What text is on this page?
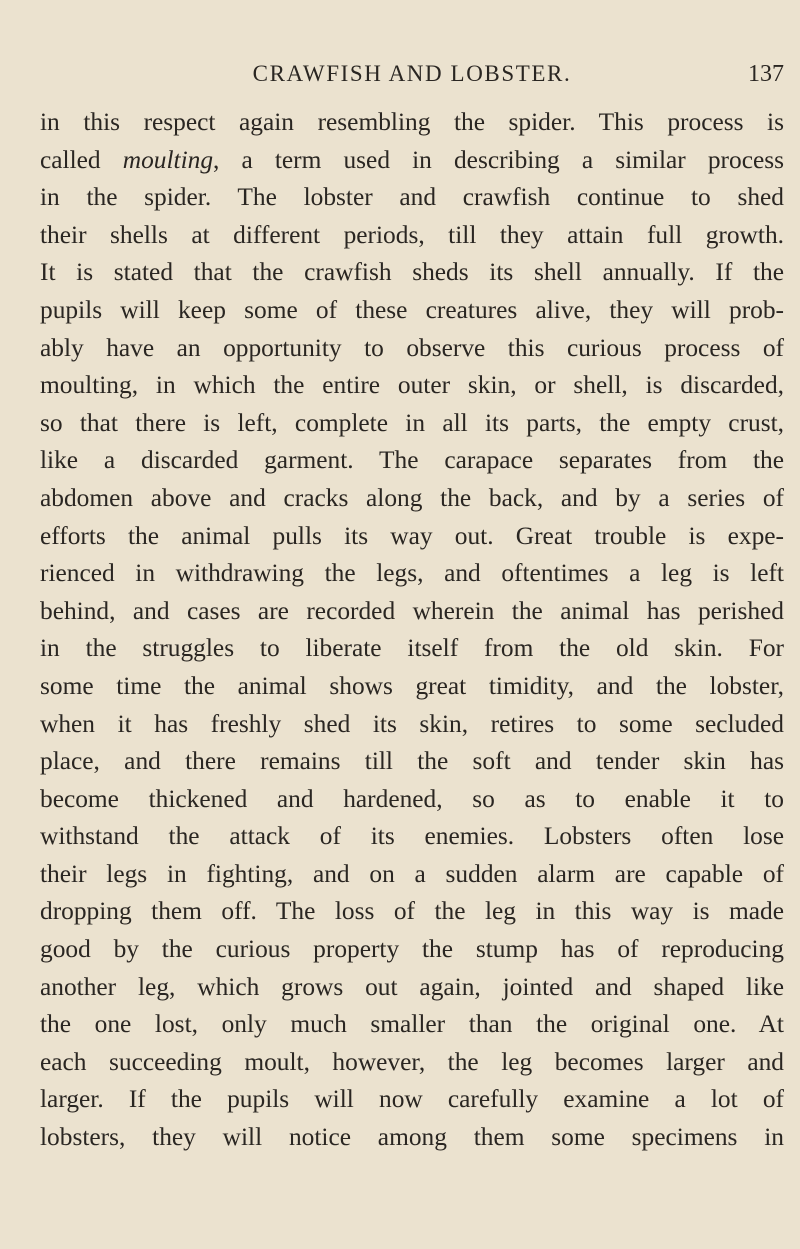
CRAWFISH AND LOBSTER.	137
in this respect again resembling the spider. This process is
called moulting, a term used in describing a similar process
in the spider. The lobster and crawfish continue to shed
their shells at different periods, till they attain full growth.
It is stated that the crawfish sheds its shell annually. If the
pupils will keep some of these creatures alive, they will prob-
ably have an opportunity to observe this curious process of
moulting, in which the entire outer skin, or shell, is discarded,
so that there is left, complete in all its parts, the empty crust,
like a discarded garment. The carapace separates from the
abdomen above and cracks along the back, and by a series of
efforts the animal pulls its way out. Great trouble is expe-
rienced in withdrawing the legs, and oftentimes a leg is left
behind, and cases are recorded wherein the animal has perished
in the struggles to liberate itself from the old skin. For
some time the animal shows great timidity, and the lobster,
when it has freshly shed its skin, retires to some secluded
place, and there remains till the soft and tender skin has
become thickened and hardened, so as to enable it to
withstand the attack of its enemies. Lobsters often lose
their legs in fighting, and on a sudden alarm are capable of
dropping them off. The loss of the leg in this way is made
good by the curious property the stump has of reproducing
another leg, which grows out again, jointed and shaped like
the one lost, only much smaller than the original one. At
each succeeding moult, however, the leg becomes larger and
larger. If the pupils will now carefully examine a lot of
lobsters, they will notice among them some specimens in
